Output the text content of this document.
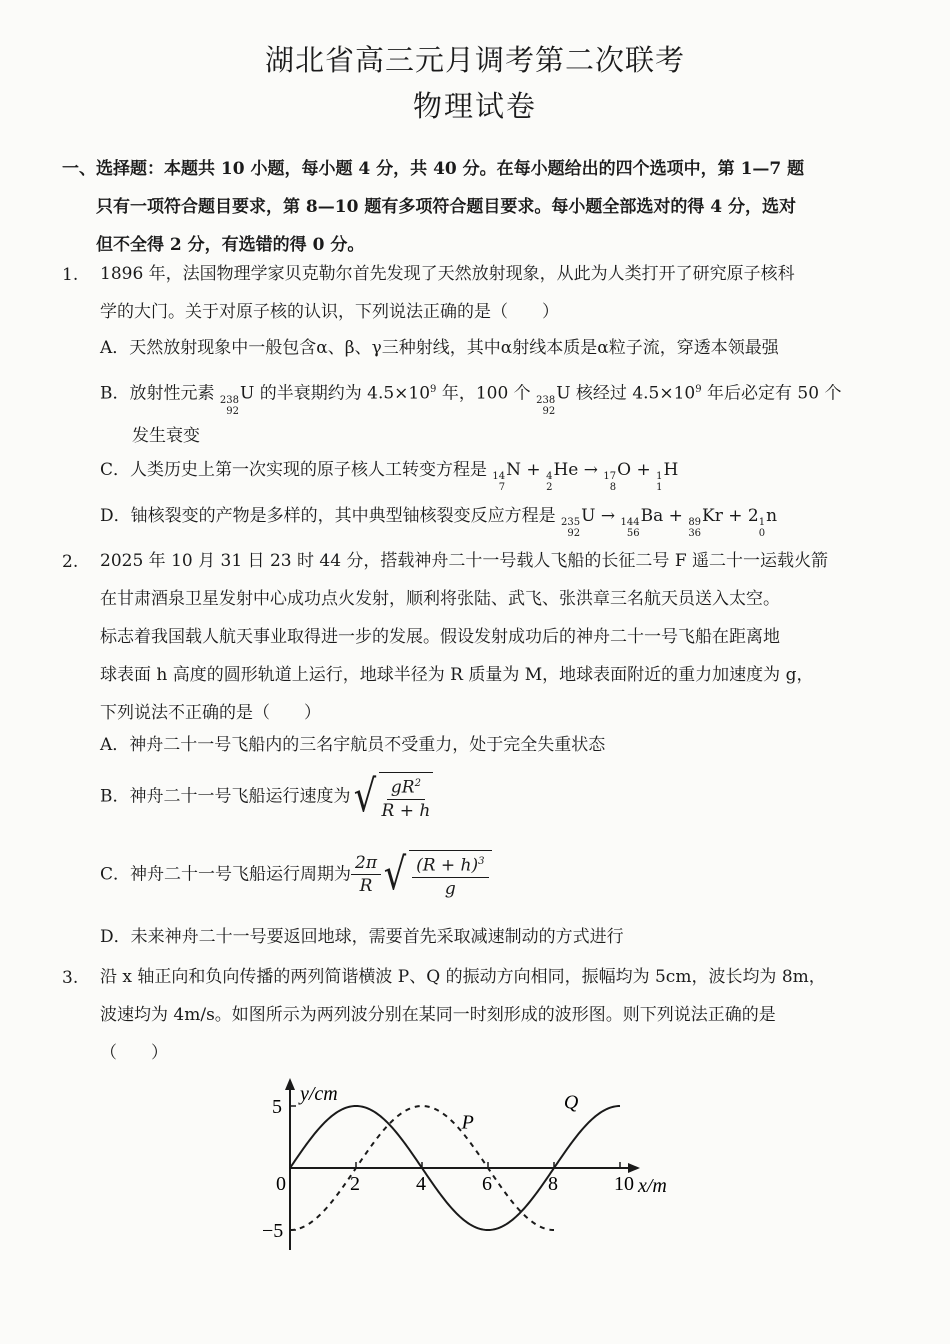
湖北省高三元月调考第二次联考
物理试卷
一、选择题：本题共 10 小题，每小题 4 分，共 40 分。在每小题给出的四个选项中，第 1—7 题

只有一项符合题目要求，第 8—10 题有多项符合题目要求。每小题全部选对的得 4 分，选对
但不全得 2 分，有选错的得 0 分。
1. 1896 年，法国物理学家贝克勒尔首先发现了天然放射现象，从此为人类打开了研究原子核科
学的大门。关于对原子核的认识，下列说法正确的是（　　）
A．天然放射现象中一般包含α、β、γ三种射线，其中α射线本质是α粒子流，穿透本领最强
B．放射性元素 238
92
U 的半衰期约为 $4.5\times 10^9$ 年，100 个 238
92
U 核经过 $4.5\times 10^9$ 年后必定有 50 个
发生衰变
C．人类历史上第一次实现的原子核人工转变方程是 14
7
N + 4
2
He → 17
8
O + 1
1
H
D．铀核裂变的产物是多样的，其中典型铀核裂变反应方程是 235
92
U → 144
56
Ba + 89
36
Kr + 2 1
0
n
2. 2025 年 10 月 31 日 23 时 44 分，搭载神舟二十一号载人飞船的长征二号 F 遥二十一运载火箭
在甘肃酒泉卫星发射中心成功点火发射，顺利将张陆、武飞、张洪章三名航天员送入太空。
标志着我国载人航天事业取得进一步的发展。假设发射成功后的神舟二十一号飞船在距离地
球表面 h 高度的圆形轨道上运行，地球半径为 R 质量为 M，地球表面附近的重力加速度为 g，
下列说法不正确的是（　　）
A．神舟二十一号飞船内的三名宇航员不受重力，处于完全失重状态
B．神舟二十一号飞船运行速度为 √ $\frac{gR^2}{R + h}$
C．神舟二十一号飞船运行周期为 $\frac{2\pi}{R}$ √ $\frac{(R + h)^3}{g}$
D．未来神舟二十一号要返回地球，需要首先采取减速制动的方式进行
3. 沿 x 轴正向和负向传播的两列简谐横波 P、Q 的振动方向相同，振幅均为 5cm，波长均为 8m，
波速均为 4m/s。如图所示为两列波分别在某同一时刻形成的波形图。则下列说法正确的是
（　　）
y/cm
x/m
0	2	4	6	8	10
5
−5
P
Q
